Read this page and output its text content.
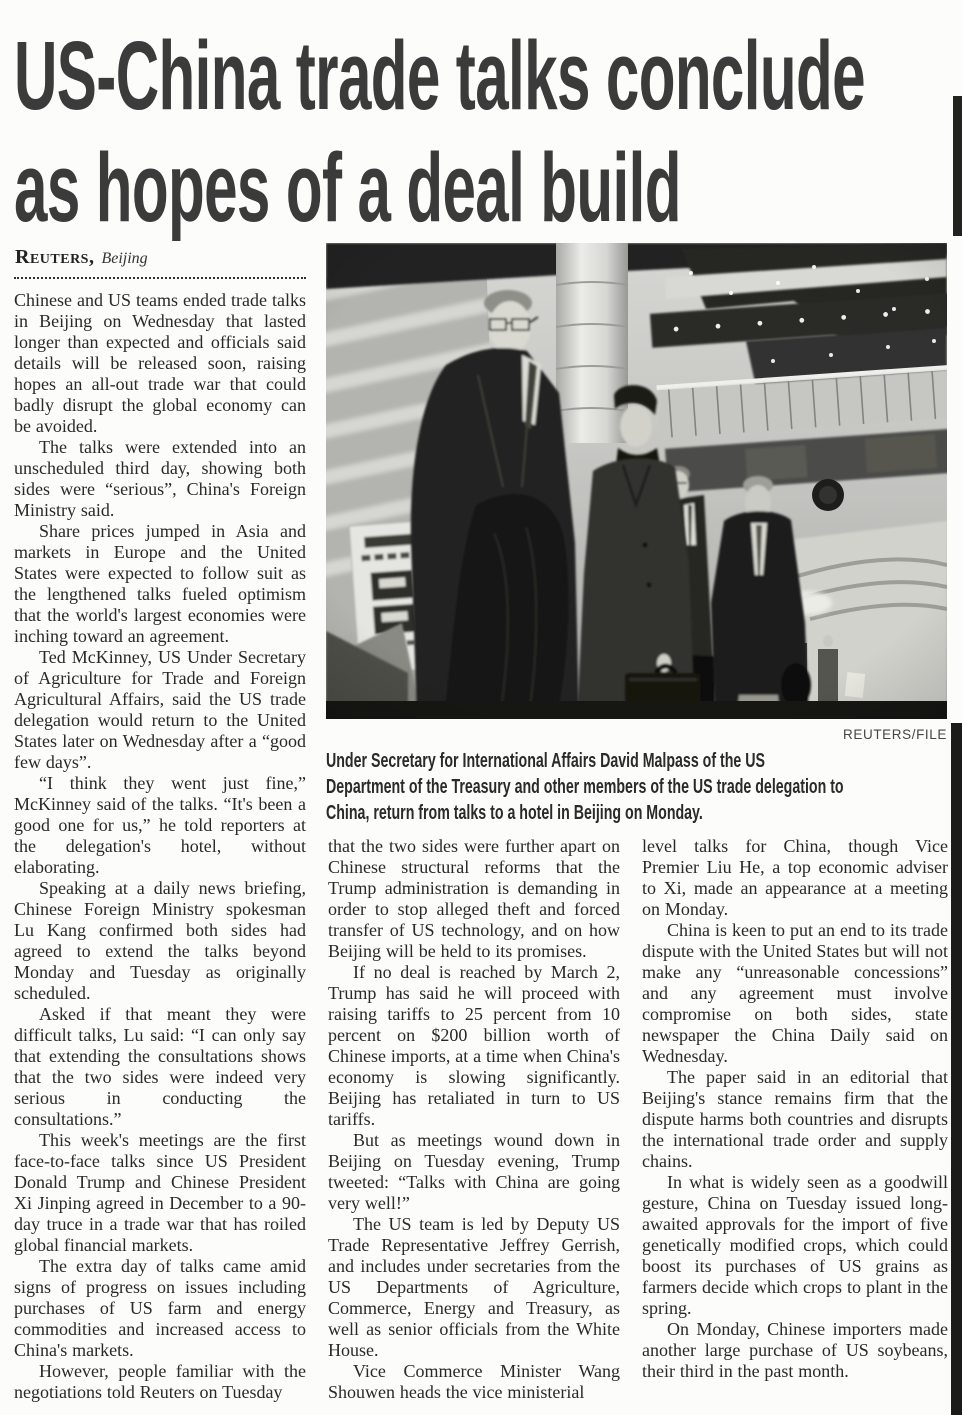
US-China trade talks conclude
as hopes of a deal build
Reuters, Beijing

Chinese and US teams ended trade talks in Beijing on Wednesday that lasted longer than expected and officials said details will be released soon, raising hopes an all-out trade war that could badly disrupt the global economy can be avoided.

The talks were extended into an unscheduled third day, showing both sides were “serious”, China's Foreign Ministry said.

Share prices jumped in Asia and markets in Europe and the United States were expected to follow suit as the lengthened talks fueled optimism that the world's largest economies were inching toward an agreement.

Ted McKinney, US Under Secretary of Agriculture for Trade and Foreign Agricultural Affairs, said the US trade delegation would return to the United States later on Wednesday after a “good few days”.

“I think they went just fine,” McKinney said of the talks. “It's been a good one for us,” he told reporters at the delegation's hotel, without elaborating.

Speaking at a daily news briefing, Chinese Foreign Ministry spokesman Lu Kang confirmed both sides had agreed to extend the talks beyond Monday and Tuesday as originally scheduled.

Asked if that meant they were difficult talks, Lu said: “I can only say that extending the consultations shows that the two sides were indeed very serious in conducting the consultations.”

This week's meetings are the first face-to-face talks since US President Donald Trump and Chinese President Xi Jinping agreed in December to a 90-day truce in a trade war that has roiled global financial markets.

The extra day of talks came amid signs of progress on issues including purchases of US farm and energy commodities and increased access to China's markets.

However, people familiar with the negotiations told Reuters on Tuesday

REUTERS/FILE
Under Secretary for International Affairs David Malpass of the US Department of the Treasury and other members of the US trade delegation to China, return from talks to a hotel in Beijing on Monday.

that the two sides were further apart on Chinese structural reforms that the Trump administration is demanding in order to stop alleged theft and forced transfer of US technology, and on how Beijing will be held to its promises.

If no deal is reached by March 2, Trump has said he will proceed with raising tariffs to 25 percent from 10 percent on $200 billion worth of Chinese imports, at a time when China's economy is slowing significantly. Beijing has retaliated in turn to US tariffs.

But as meetings wound down in Beijing on Tuesday evening, Trump tweeted: “Talks with China are going very well!”

The US team is led by Deputy US Trade Representative Jeffrey Gerrish, and includes under secretaries from the US Departments of Agriculture, Commerce, Energy and Treasury, as well as senior officials from the White House.

Vice Commerce Minister Wang Shouwen heads the vice ministerial

level talks for China, though Vice Premier Liu He, a top economic adviser to Xi, made an appearance at a meeting on Monday.

China is keen to put an end to its trade dispute with the United States but will not make any “unreasonable concessions” and any agreement must involve compromise on both sides, state newspaper the China Daily said on Wednesday.

The paper said in an editorial that Beijing's stance remains firm that the dispute harms both countries and disrupts the international trade order and supply chains.

In what is widely seen as a goodwill gesture, China on Tuesday issued long-awaited approvals for the import of five genetically modified crops, which could boost its purchases of US grains as farmers decide which crops to plant in the spring.

On Monday, Chinese importers made another large purchase of US soybeans, their third in the past month.
